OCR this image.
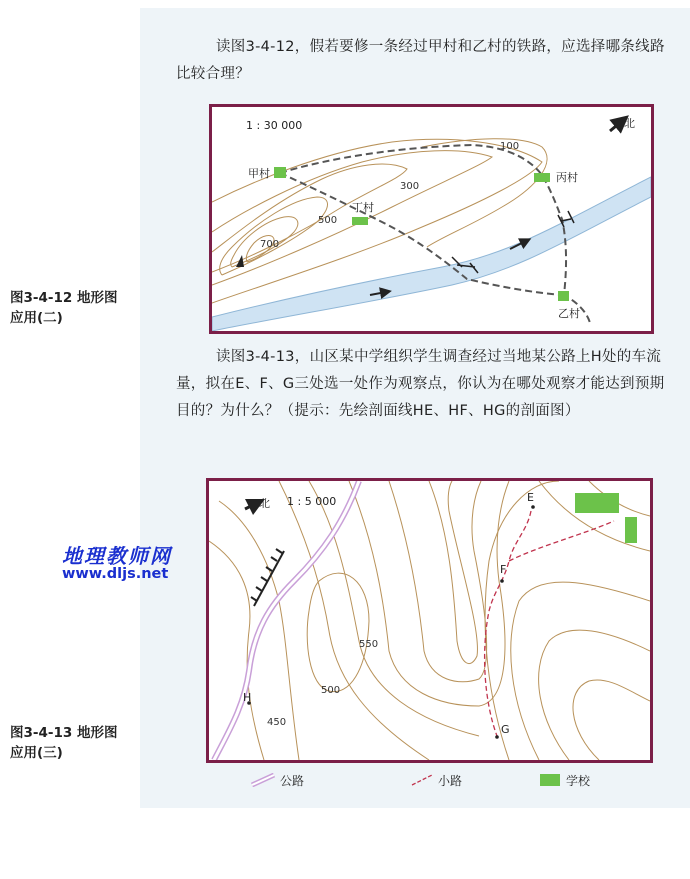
读图3-4-12，假若要修一条经过甲村和乙村的铁路，应选择哪条线路比较合理？

100
300
500
700
甲村
丁村
丙村
乙村
1 : 30 000	北
图3-4-12 地形图
应用(二)

读图3-4-13，山区某中学组织学生调查经过当地某公路上H处的车流量，拟在E、F、G三处选一处作为观察点，你认为在哪处观察才能达到预期目的？为什么？（提示：先绘剖面线HE、HF、HG的剖面图）

地理教师网
www.dljs.net
E
F
G
H
450
500
550
1 : 5 000
北
图3-4-13 地形图
应用(三)
公路	小路	学校
